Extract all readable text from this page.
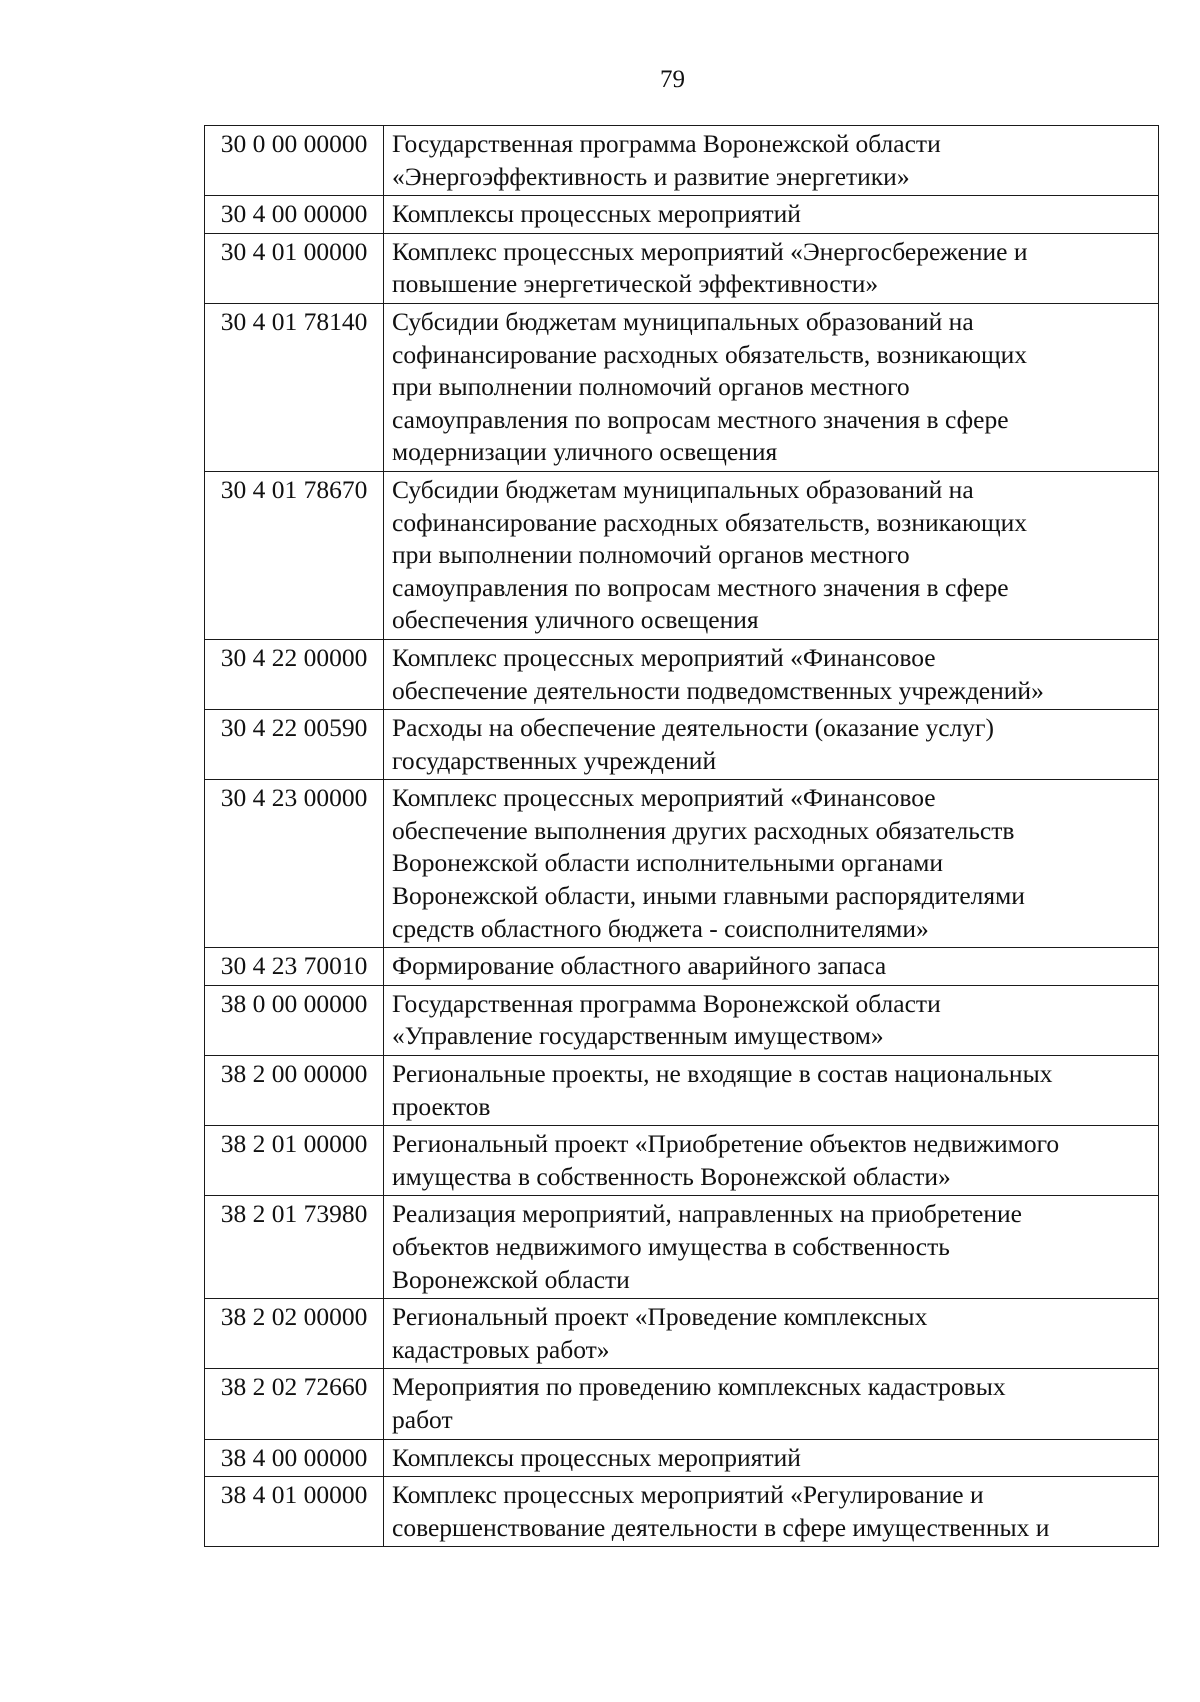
79
30 0 00 00000	Государственная программа Воронежской области
«Энергоэффективность и развитие энергетики»

30 4 00 00000	Комплексы процессных мероприятий

30 4 01 00000	Комплекс процессных мероприятий «Энергосбережение и
повышение энергетической эффективности»

30 4 01 78140	Субсидии бюджетам муниципальных образований на
софинансирование расходных обязательств, возникающих
при выполнении полномочий органов местного
самоуправления по вопросам местного значения в сфере
модернизации уличного освещения

30 4 01 78670	Субсидии бюджетам муниципальных образований на
софинансирование расходных обязательств, возникающих
при выполнении полномочий органов местного
самоуправления по вопросам местного значения в сфере
обеспечения уличного освещения

30 4 22 00000	Комплекс процессных мероприятий «Финансовое
обеспечение деятельности подведомственных учреждений»

30 4 22 00590	Расходы на обеспечение деятельности (оказание услуг)
государственных учреждений

30 4 23 00000	Комплекс процессных мероприятий «Финансовое
обеспечение выполнения других расходных обязательств
Воронежской области исполнительными органами
Воронежской области, иными главными распорядителями
средств областного бюджета - соисполнителями»

30 4 23 70010	Формирование областного аварийного запаса

38 0 00 00000	Государственная программа Воронежской области
«Управление государственным имуществом»

38 2 00 00000	Региональные проекты, не входящие в состав национальных
проектов

38 2 01 00000	Региональный проект «Приобретение объектов недвижимого
имущества в собственность Воронежской области»

38 2 01 73980	Реализация мероприятий, направленных на приобретение
объектов недвижимого имущества в собственность
Воронежской области

38 2 02 00000	Региональный проект «Проведение комплексных
кадастровых работ»

38 2 02 72660	Мероприятия по проведению комплексных кадастровых
работ

38 4 00 00000	Комплексы процессных мероприятий

38 4 01 00000	Комплекс процессных мероприятий «Регулирование и
совершенствование деятельности в сфере имущественных и
